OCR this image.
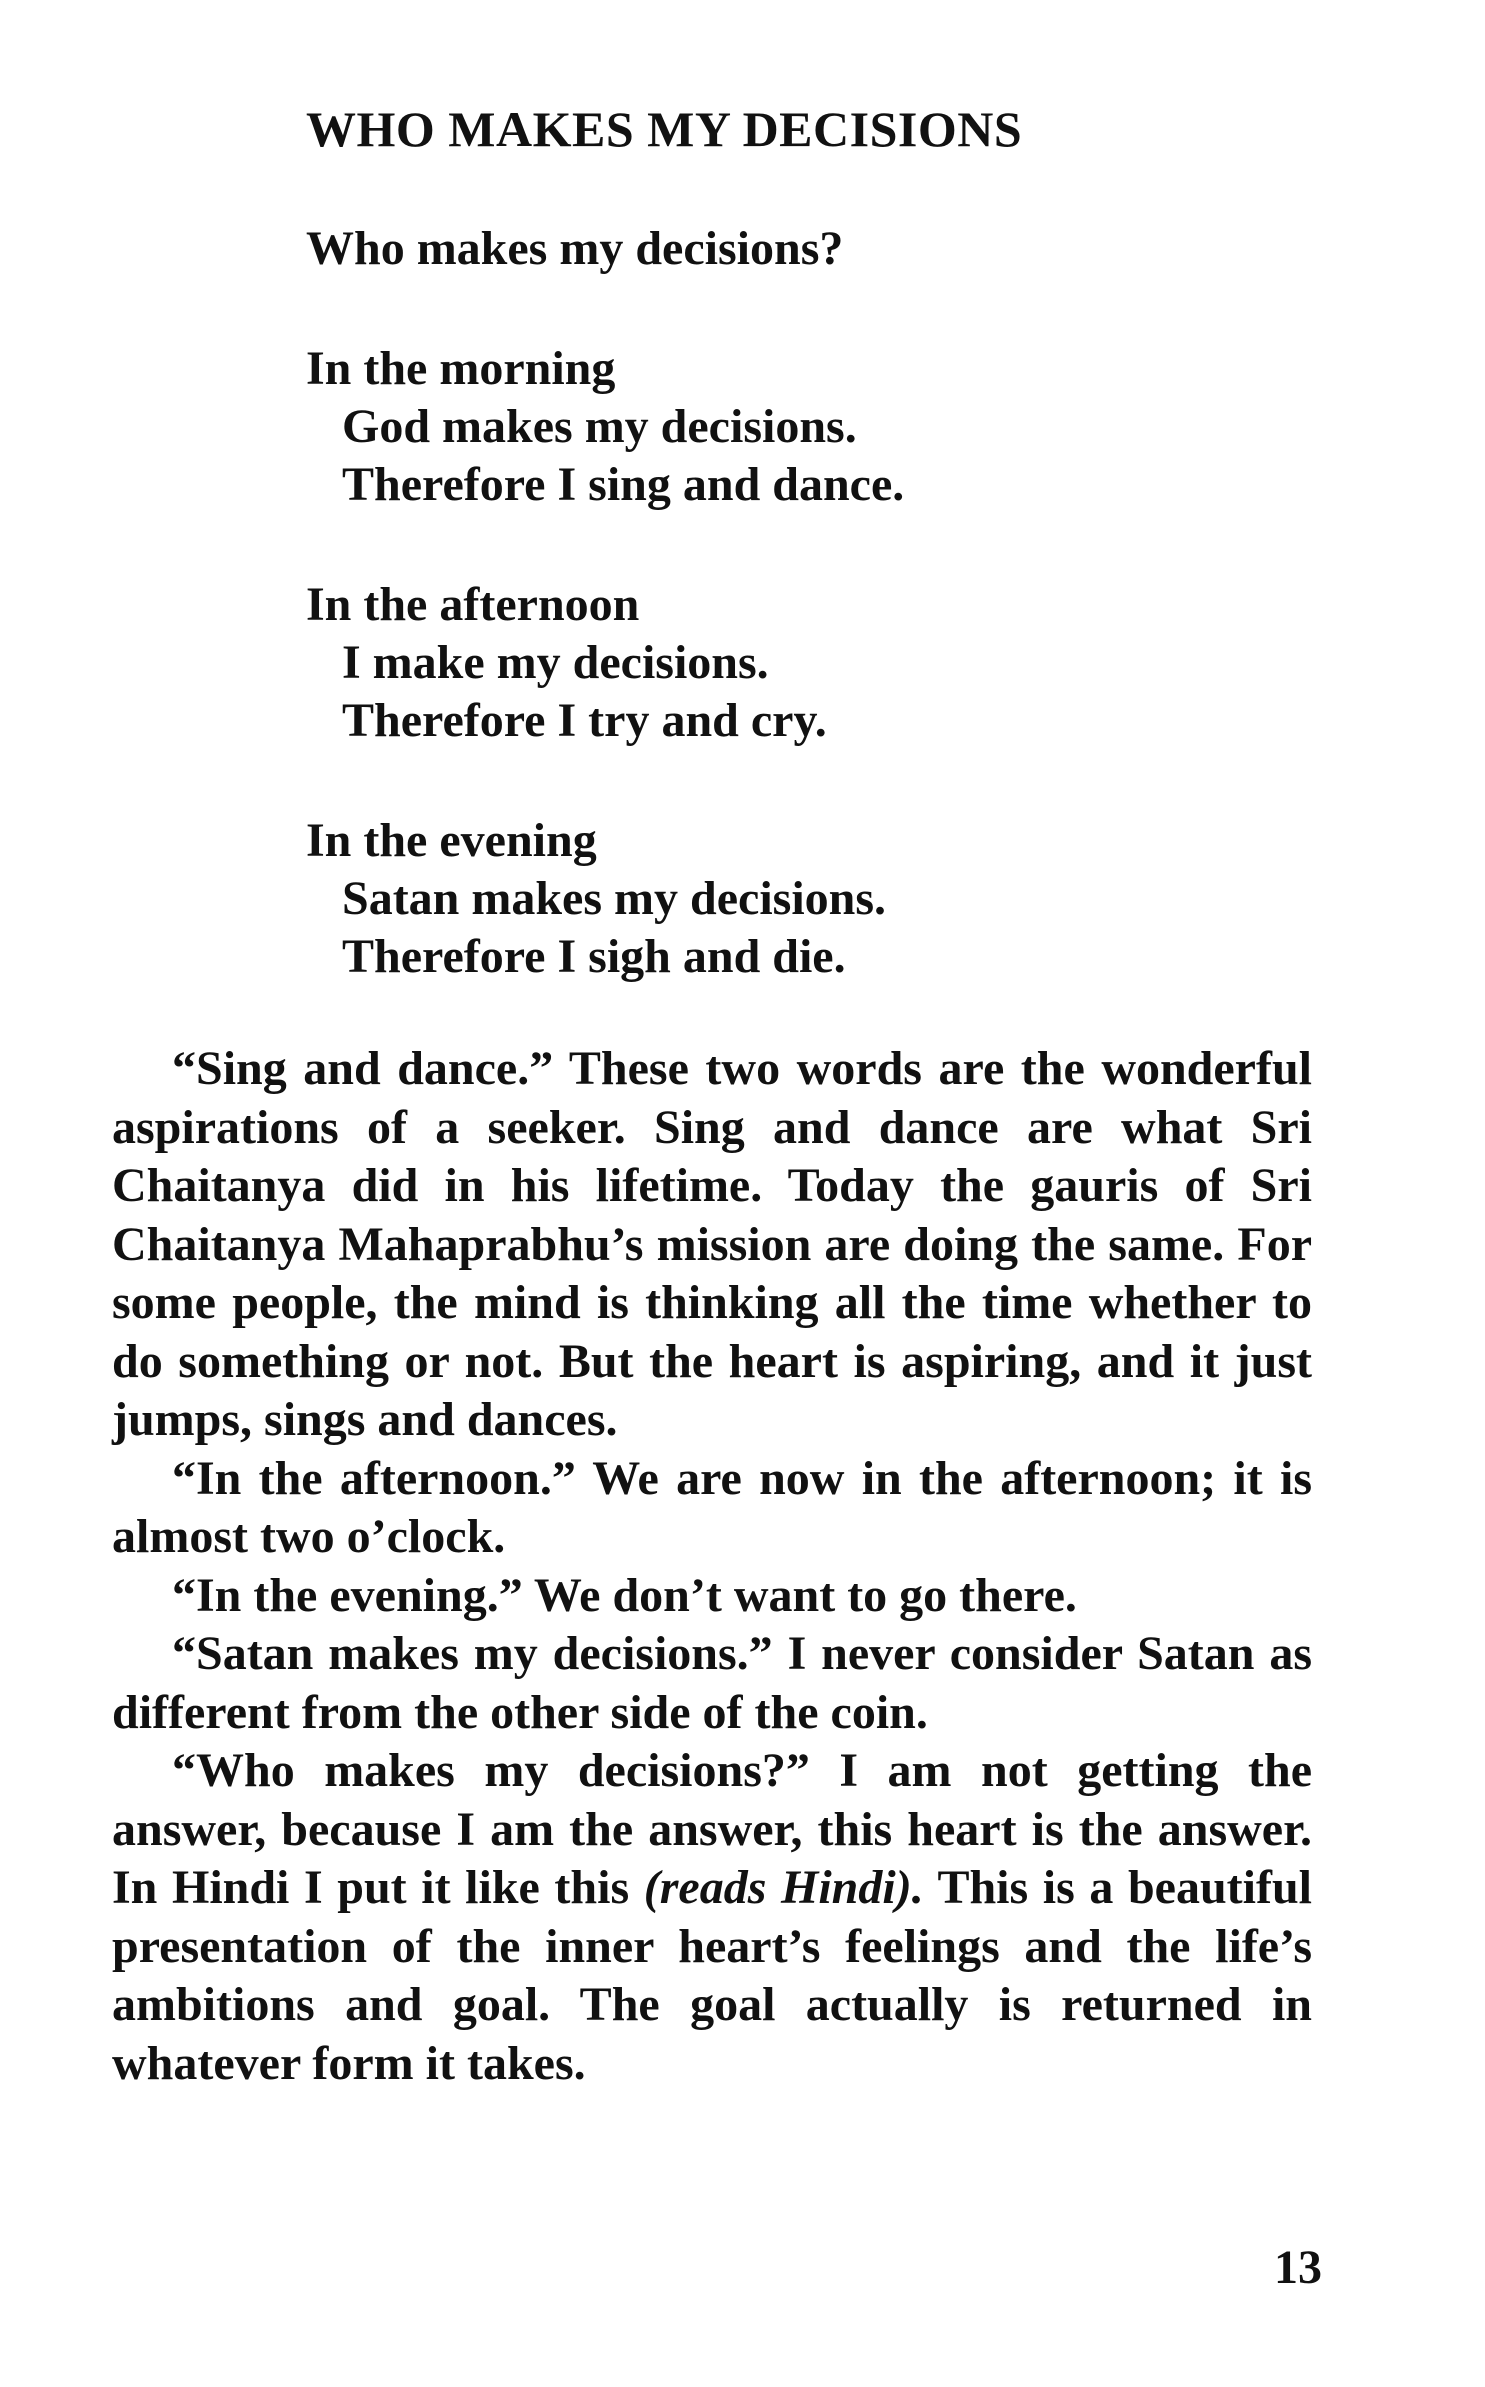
WHO MAKES MY DECISIONS
Who makes my decisions?
In the morning
God makes my decisions.
Therefore I sing and dance.
In the afternoon
I make my decisions.
Therefore I try and cry.
In the evening
Satan makes my decisions.
Therefore I sigh and die.

“Sing and dance.” These two words are the wonderful aspirations of a seeker. Sing and dance are what Sri Chaitanya did in his lifetime. Today the gauris of Sri Chaitanya Mahaprabhu’s mission are doing the same. For some people, the mind is thinking all the time whether to do something or not. But the heart is aspiring, and it just jumps, sings and dances.

“In the afternoon.” We are now in the afternoon; it is almost two o’clock.

“In the evening.” We don’t want to go there.

“Satan makes my decisions.” I never consider Satan as different from the other side of the coin.

“Who makes my decisions?” I am not getting the answer, because I am the answer, this heart is the answer. In Hindi I put it like this (reads Hindi). This is a beautiful presentation of the inner heart’s feelings and the life’s ambitions and goal. The goal actually is returned in whatever form it takes.

13
